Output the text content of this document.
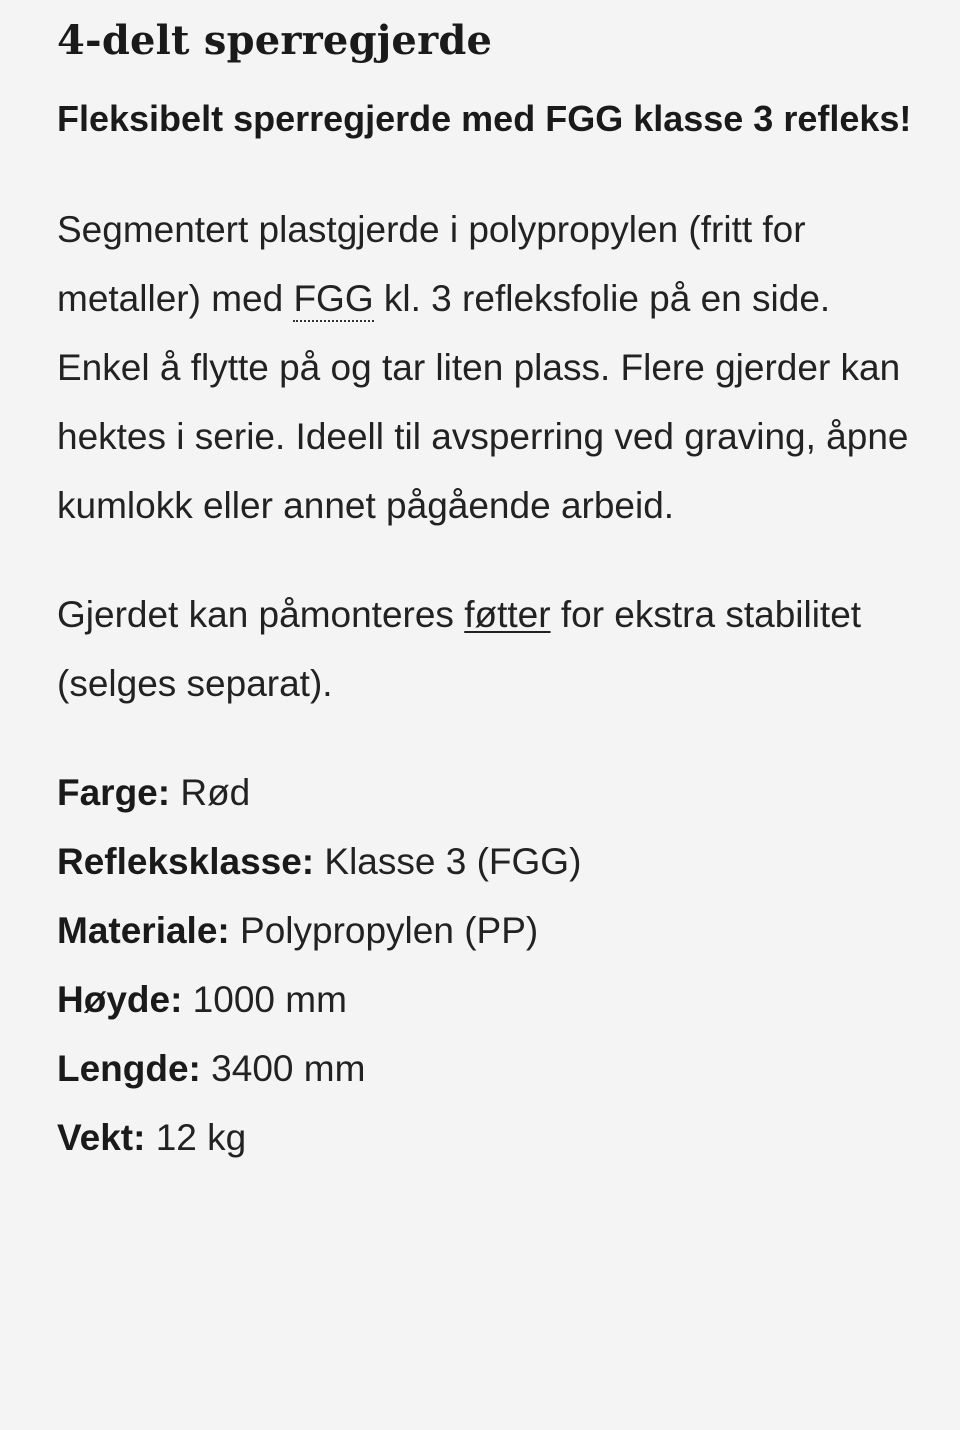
4-delt sperregjerde
Fleksibelt sperregjerde med FGG klasse 3 refleks!

Segmentert plastgjerde i polypropylen (fritt for metaller) med FGG kl. 3 refleksfolie på en side. Enkel å flytte på og tar liten plass. Flere gjerder kan hektes i serie. Ideell til avsperring ved graving, åpne kumlokk eller annet pågående arbeid.

Gjerdet kan påmonteres føtter for ekstra stabilitet (selges separat).

Farge: Rød
Refleksklasse: Klasse 3 (FGG)
Materiale: Polypropylen (PP)
Høyde: 1000 mm
Lengde: 3400 mm
Vekt: 12 kg
